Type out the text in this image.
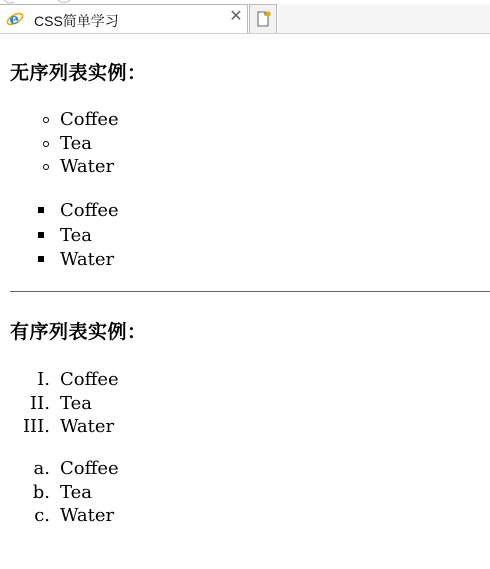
e CSS简单学习	✕
无序列表实例：
Coffee
Tea
Water
Coffee
Tea
Water
有序列表实例：
I. Coffee
II. Tea
III. Water
a. Coffee
b. Tea
c. Water
